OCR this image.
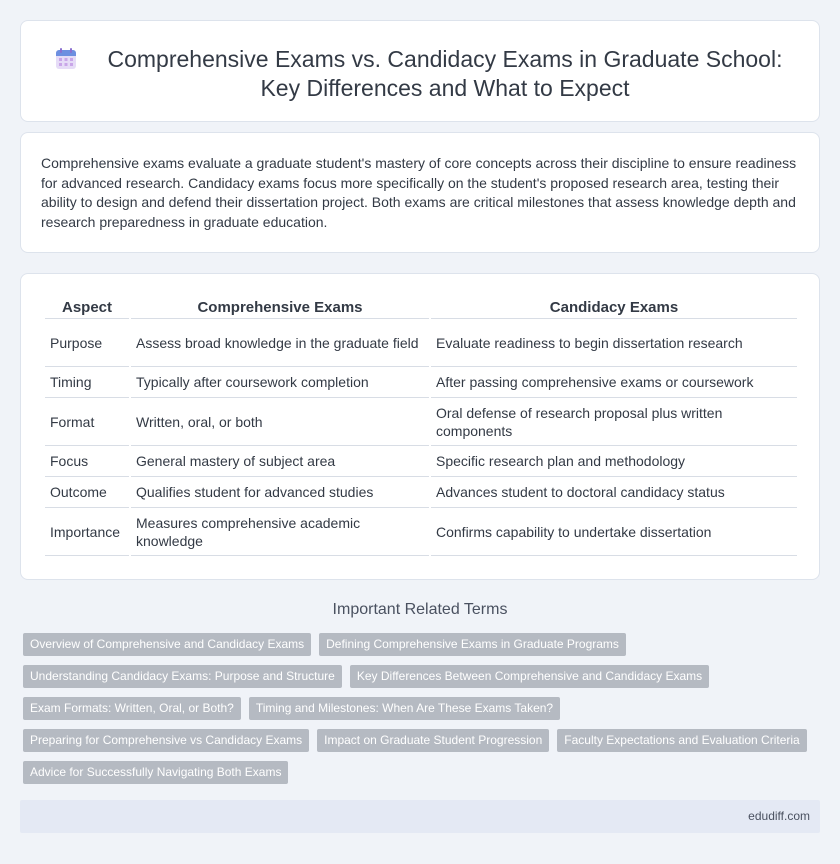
Comprehensive Exams vs. Candidacy Exams in Graduate School: Key Differences and What to Expect

Comprehensive exams evaluate a graduate student's mastery of core concepts across their discipline to ensure readiness for advanced research. Candidacy exams focus more specifically on the student's proposed research area, testing their ability to design and defend their dissertation project. Both exams are critical milestones that assess knowledge depth and research preparedness in graduate education.

Aspect	Comprehensive Exams	Candidacy Exams
Purpose	Assess broad knowledge in the graduate field	Evaluate readiness to begin dissertation research
Timing	Typically after coursework completion	After passing comprehensive exams or coursework
Format	Written, oral, or both	Oral defense of research proposal plus written components
Focus	General mastery of subject area	Specific research plan and methodology
Outcome	Qualifies student for advanced studies	Advances student to doctoral candidacy status
Importance	Measures comprehensive academic knowledge	Confirms capability to undertake dissertation
Important Related Terms
Overview of Comprehensive and Candidacy Exams	Defining Comprehensive Exams in Graduate Programs
Understanding Candidacy Exams: Purpose and Structure	Key Differences Between Comprehensive and Candidacy Exams
Exam Formats: Written, Oral, or Both?	Timing and Milestones: When Are These Exams Taken?
Preparing for Comprehensive vs Candidacy Exams	Impact on Graduate Student Progression	Faculty Expectations and Evaluation Criteria
Advice for Successfully Navigating Both Exams
edudiff.com
